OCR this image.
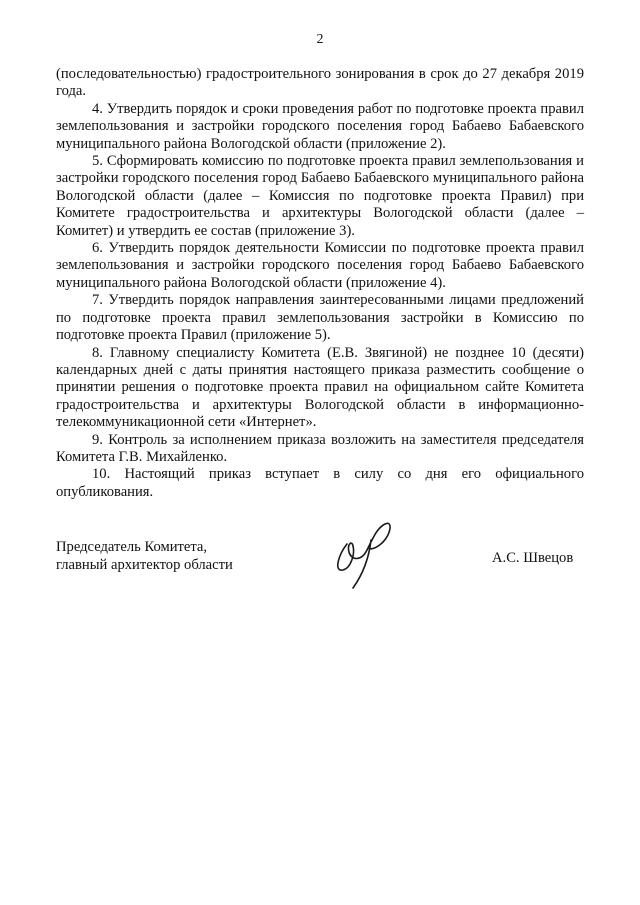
2

(последовательностью) градостроительного зонирования в срок до 27 декабря 2019 года.

4. Утвердить порядок и сроки проведения работ по подготовке проекта правил землепользования и застройки городского поселения город Бабаево Бабаевского муниципального района Вологодской области (приложение 2).

5. Сформировать комиссию по подготовке проекта правил землепользования и застройки городского поселения город Бабаево Бабаевского муниципального района Вологодской области (далее – Комиссия по подготовке проекта Правил) при Комитете градостроительства и архитектуры Вологодской области (далее – Комитет) и утвердить ее состав (приложение 3).

6. Утвердить порядок деятельности Комиссии по подготовке проекта правил землепользования и застройки городского поселения город Бабаево Бабаевского муниципального района Вологодской области (приложение 4).

7. Утвердить порядок направления заинтересованными лицами предложений по подготовке проекта правил землепользования застройки в Комиссию по подготовке проекта Правил (приложение 5).

8. Главному специалисту Комитета (Е.В. Звягиной) не позднее 10 (десяти) календарных дней с даты принятия настоящего приказа разместить сообщение о принятии решения о подготовке проекта правил на официальном сайте Комитета градостроительства и архитектуры Вологодской области в информационно-телекоммуникационной сети «Интернет».

9. Контроль за исполнением приказа возложить на заместителя председателя Комитета Г.В. Михайленко.

10. Настоящий приказ вступает в силу со дня его официального опубликования.

Председатель Комитета,
главный архитектор области	А.С. Швецов
